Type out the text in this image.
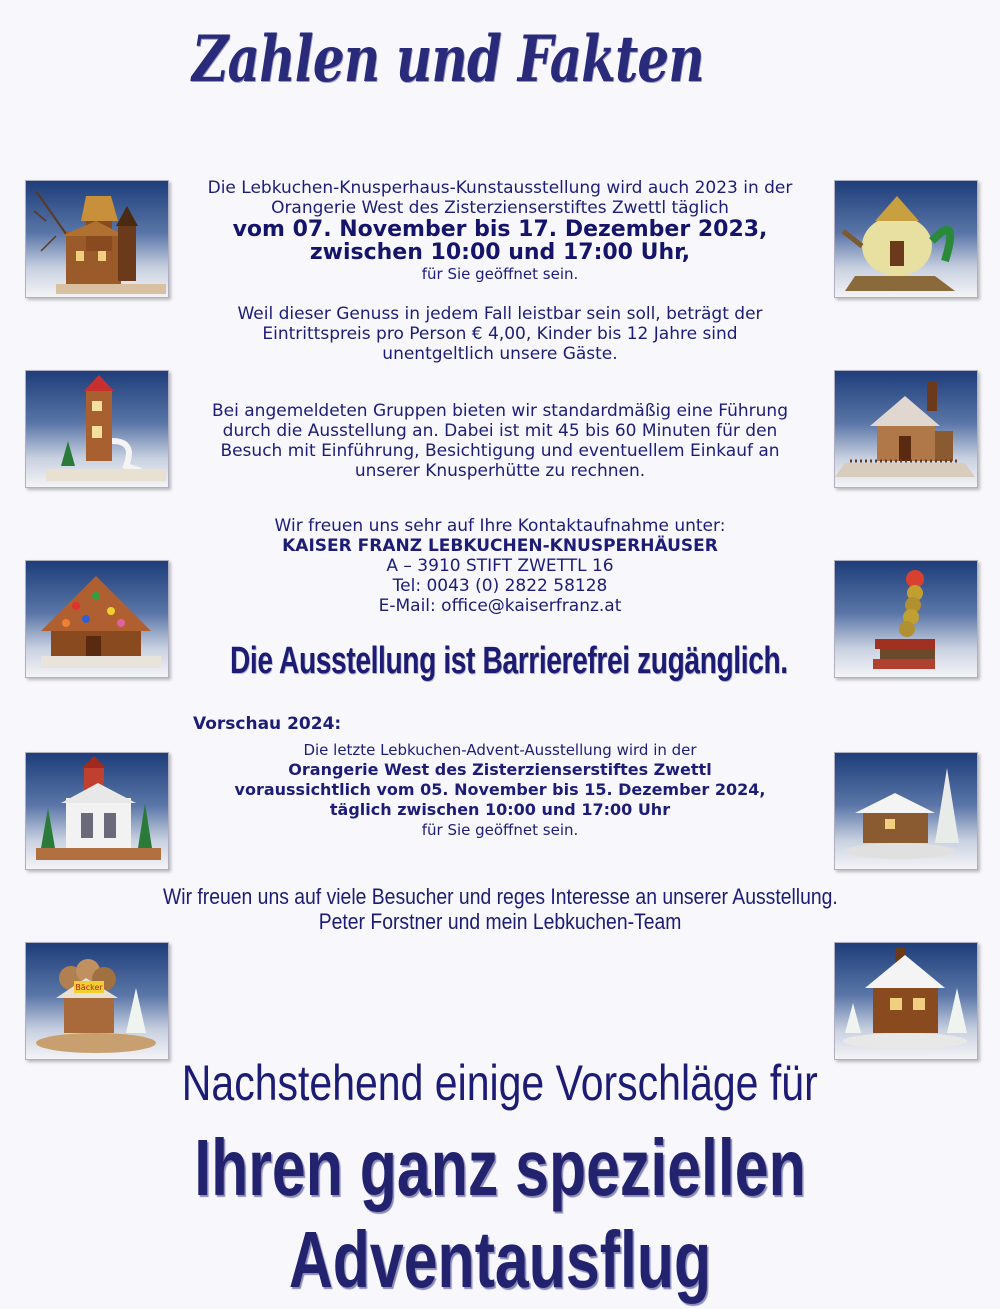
Zahlen und Fakten
Bäcker
Die Lebkuchen-Knusperhaus-Kunstausstellung wird auch 2023 in der
Orangerie West des Zisterzienserstiftes Zwettl täglich
vom 07. November bis 17. Dezember 2023,
zwischen 10:00 und 17:00 Uhr,
für Sie geöffnet sein.
Weil dieser Genuss in jedem Fall leistbar sein soll, beträgt der
Eintrittspreis pro Person € 4,00, Kinder bis 12 Jahre sind
unentgeltlich unsere Gäste.
Bei angemeldeten Gruppen bieten wir standardmäßig eine Führung
durch die Ausstellung an. Dabei ist mit 45 bis 60 Minuten für den
Besuch mit Einführung, Besichtigung und eventuellem Einkauf an
unserer Knusperhütte zu rechnen.
Wir freuen uns sehr auf Ihre Kontaktaufnahme unter:
KAISER FRANZ LEBKUCHEN-KNUSPERHÄUSER
A – 3910 STIFT ZWETTL 16
Tel: 0043 (0) 2822 58128
E-Mail: office@kaiserfranz.at
Die Ausstellung ist Barrierefrei zugänglich.
Vorschau 2024:
Die letzte Lebkuchen-Advent-Ausstellung wird in der
Orangerie West des Zisterzienserstiftes Zwettl
voraussichtlich vom 05. November bis 15. Dezember 2024,
täglich zwischen 10:00 und 17:00 Uhr
für Sie geöffnet sein.
Wir freuen uns auf viele Besucher und reges Interesse an unserer Ausstellung.
Peter Forstner und mein Lebkuchen-Team
Nachstehend einige Vorschläge für
Ihren ganz speziellen Adventausflug
